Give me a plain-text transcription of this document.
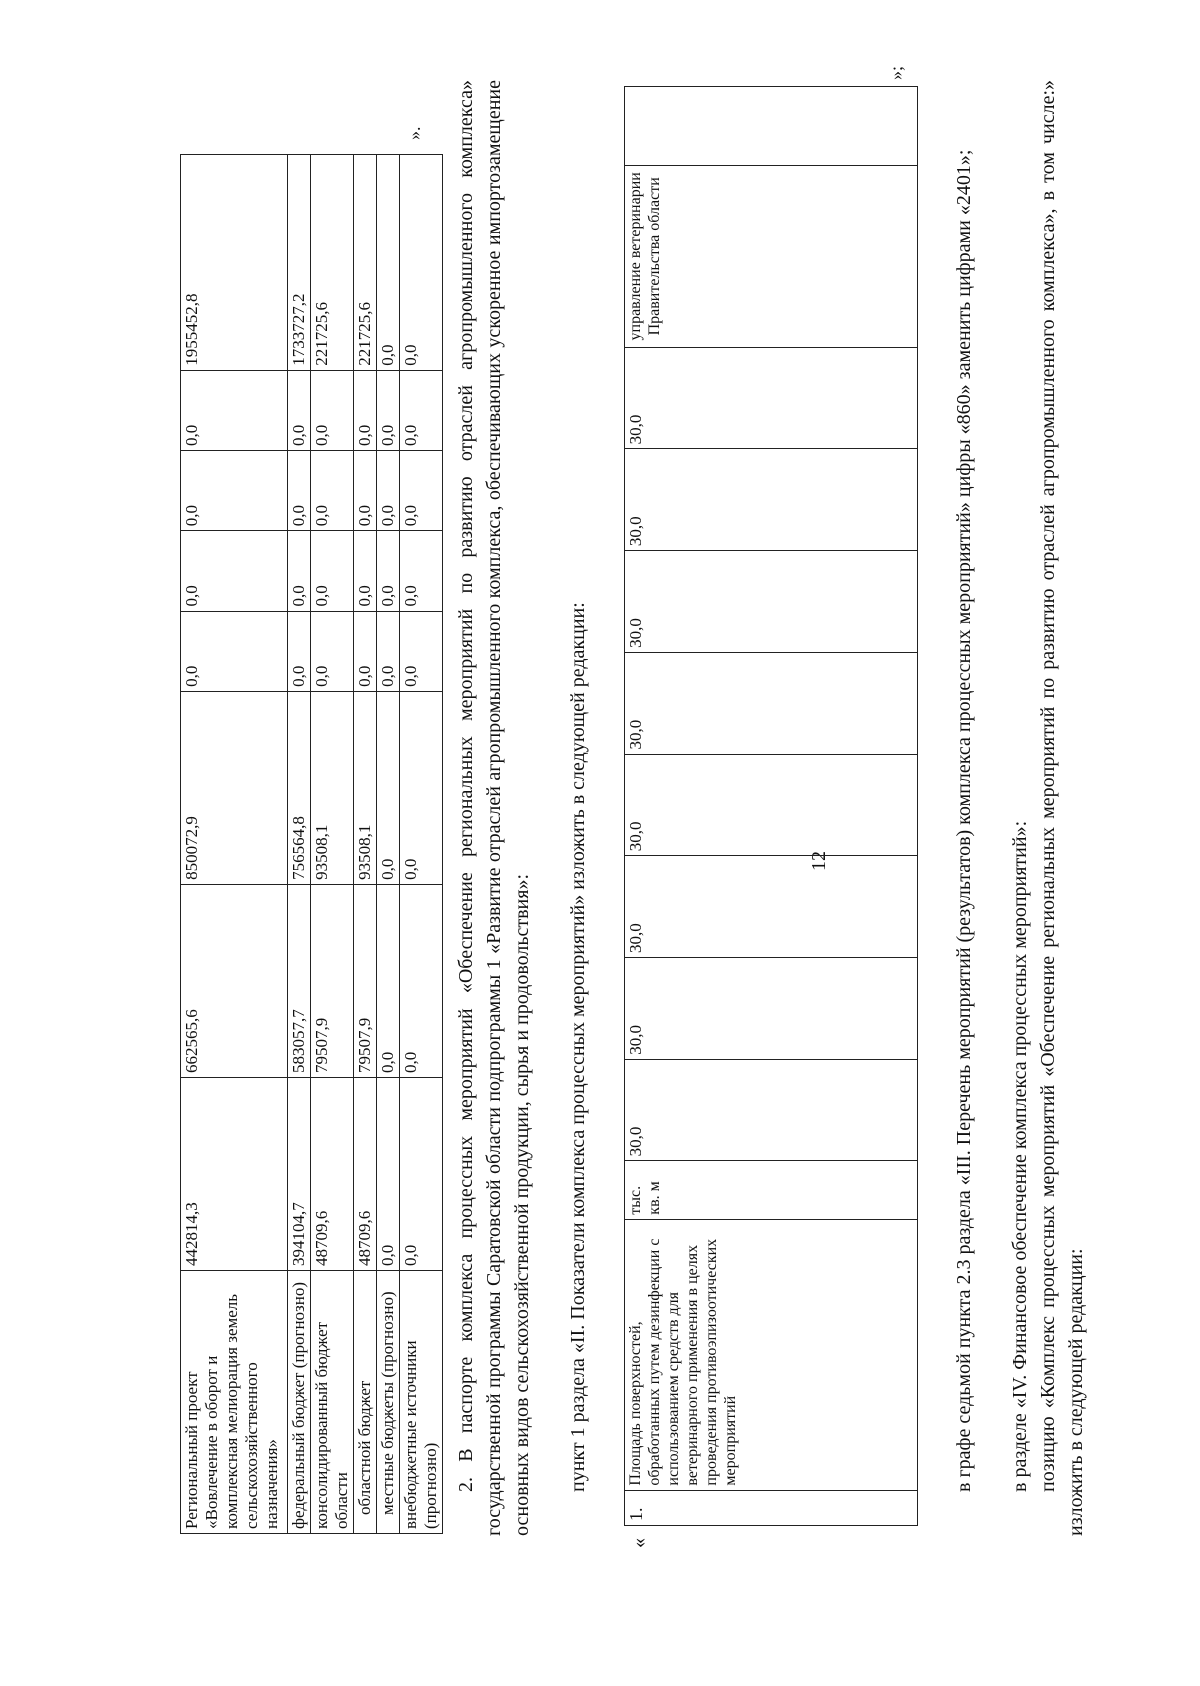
12
Региональный проект «Вовлечение в оборот и комплексная мелиорация земель сельскохозяйственного назначения»	442814,3	662565,6	850072,9	0,0	0,0	0,0	0,0	1955452,8
федеральный бюджет (прогнозно)	394104,7	583057,7	756564,8	0,0	0,0	0,0	0,0	1733727,2
консолидированный бюджет области	48709,6	79507,9	93508,1	0,0	0,0	0,0	0,0	221725,6
областной бюджет	48709,6	79507,9	93508,1	0,0	0,0	0,0	0,0	221725,6
местные бюджеты (прогнозно)	0,0	0,0	0,0	0,0	0,0	0,0	0,0	0,0
внебюджетные источники (прогнозно)	0,0	0,0	0,0	0,0	0,0	0,0	0,0	0,0
». 2. В паспорте комплекса процессных мероприятий «Обеспечение региональных мероприятий по развитию отраслей агропромышленного комплекса» государственной программы Саратовской области подпрограммы 1 «Развитие отраслей агропромышленного комплекса, обеспечивающих ускоренное импортозамещение основных видов сельскохозяйственной продукции, сырья и продовольствия»: пункт 1 раздела «II. Показатели комплекса процессных мероприятий» изложить в следующей редакции:
«
1.	Площадь поверхностей, обработанных путем дезинфекции с использованием средств для ветеринарного применения в целях проведения противоэпизоотических мероприятий	тыс. кв. м	30,0	30,0	30,0	30,0	30,0	30,0	30,0	30,0	управление ветеринарии Правительства области	
»;
в графе седьмой пункта 2.3 раздела «III. Перечень мероприятий (результатов) комплекса процессных мероприятий» цифры «860» заменить цифрами «2401»; в разделе «IV. Финансовое обеспечение комплекса процессных мероприятий»: позицию «Комплекс процессных мероприятий «Обеспечение региональных мероприятий по развитию отраслей агропромышленного комплекса», в том числе:» изложить в следующей редакции:
